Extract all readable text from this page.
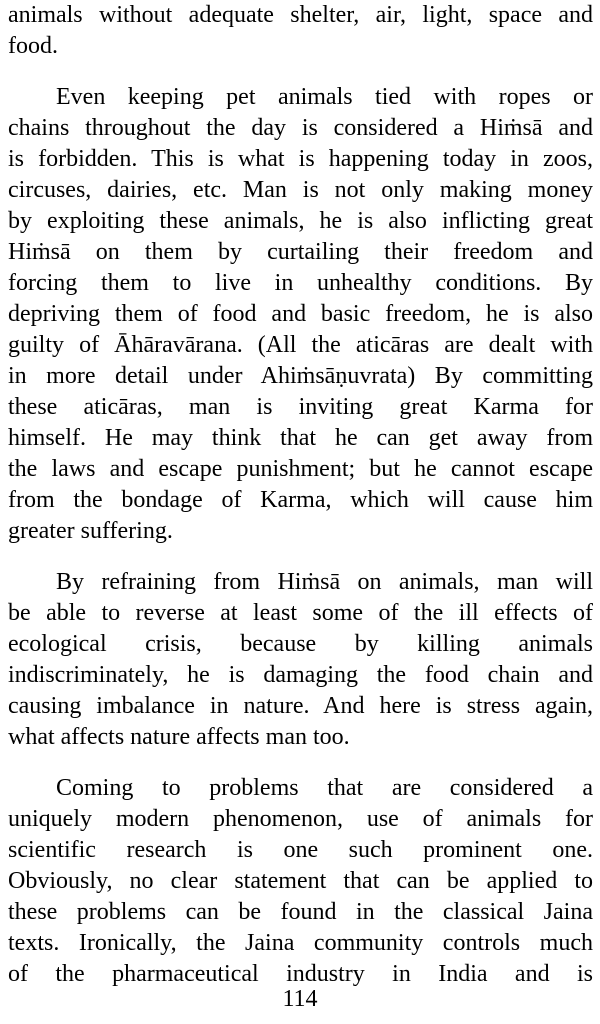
animals without adequate shelter, air, light, space and
food.
Even keeping pet animals tied with ropes or
chains throughout the day is considered a Hiṁsā and
is forbidden. This is what is happening today in zoos,
circuses, dairies, etc. Man is not only making money
by exploiting these animals, he is also inflicting great
Hiṁsā on them by curtailing their freedom and
forcing them to live in unhealthy conditions. By
depriving them of food and basic freedom, he is also
guilty of Āhāravārana. (All the aticāras are dealt with
in more detail under Ahiṁsāṇuvrata) By committing
these aticāras, man is inviting great Karma for
himself. He may think that he can get away from
the laws and escape punishment; but he cannot escape
from the bondage of Karma, which will cause him
greater suffering.
By refraining from Hiṁsā on animals, man will
be able to reverse at least some of the ill effects of
ecological crisis, because by killing animals
indiscriminately, he is damaging the food chain and
causing imbalance in nature. And here is stress again,
what affects nature affects man too.
Coming to problems that are considered a
uniquely modern phenomenon, use of animals for
scientific research is one such prominent one.
Obviously, no clear statement that can be applied to
these problems can be found in the classical Jaina
texts. Ironically, the Jaina community controls much
of the pharmaceutical industry in India and is
114
